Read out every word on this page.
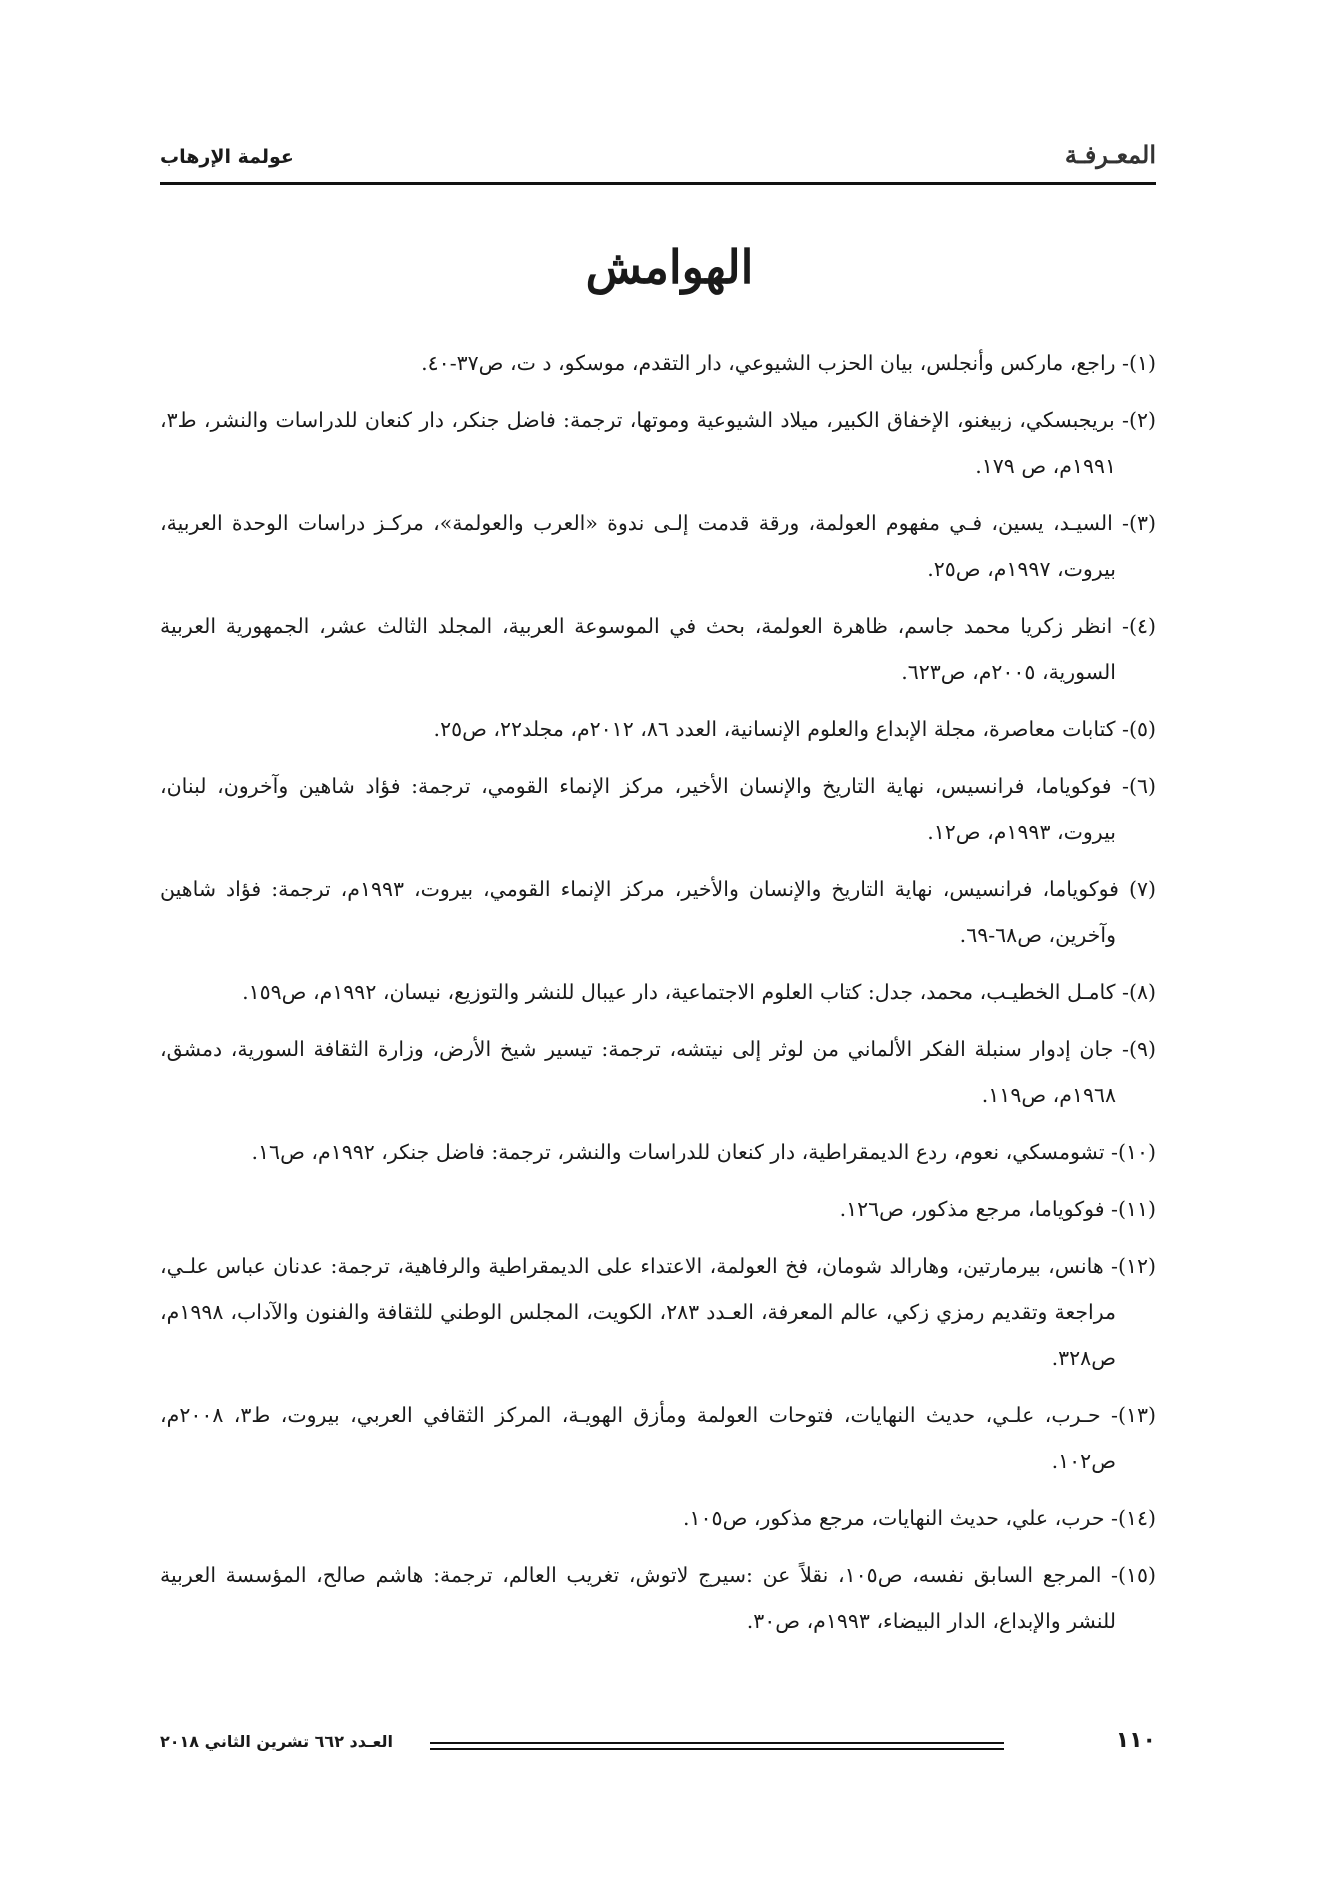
المعـرفـة
عولمة الإرهاب
الهوامش
(١)- راجع، ماركس وأنجلس، بيان الحزب الشيوعي، دار التقدم، موسكو، د ت، ص٣٧-٤٠.
(٢)- بريجبسكي، زبيغنو، الإخفاق الكبير، ميلاد الشيوعية وموتها، ترجمة: فاضل جنكر، دار كنعان للدراسات والنشر، ط٣، ١٩٩١م، ص ١٧٩.
(٣)- السيـد، يسين، فـي مفهوم العولمة، ورقة قدمت إلـى ندوة «العرب والعولمة»، مركـز دراسات الوحدة العربية، بيروت، ١٩٩٧م، ص٢٥.
(٤)- انظر زكريا محمد جاسم، ظاهرة العولمة، بحث في الموسوعة العربية، المجلد الثالث عشر، الجمهورية العربية السورية، ٢٠٠٥م، ص٦٢٣.
(٥)- كتابات معاصرة، مجلة الإبداع والعلوم الإنسانية، العدد ٨٦، ٢٠١٢م، مجلد٢٢، ص٢٥.
(٦)- فوكوياما، فرانسيس، نهاية التاريخ والإنسان الأخير، مركز الإنماء القومي، ترجمة: فؤاد شاهين وآخرون، لبنان، بيروت، ١٩٩٣م، ص١٢.
(٧) فوكوياما، فرانسيس، نهاية التاريخ والإنسان والأخير، مركز الإنماء القومي، بيروت، ١٩٩٣م، ترجمة: فؤاد شاهين وآخرين، ص٦٨-٦٩.
(٨)- كامـل الخطيـب، محمد، جدل: كتاب العلوم الاجتماعية، دار عيبال للنشر والتوزيع، نيسان، ١٩٩٢م، ص١٥٩.
(٩)- جان إدوار سنبلة الفكر الألماني من لوثر إلى نيتشه، ترجمة: تيسير شيخ الأرض، وزارة الثقافة السورية، دمشق، ١٩٦٨م، ص١١٩.
(١٠)- تشومسكي، نعوم، ردع الديمقراطية، دار كنعان للدراسات والنشر، ترجمة: فاضل جنكر، ١٩٩٢م، ص١٦.
(١١)- فوكوياما، مرجع مذكور، ص١٢٦.
(١٢)- هانس، بيرمارتين، وهارالد شومان، فخ العولمة، الاعتداء على الديمقراطية والرفاهية، ترجمة: عدنان عباس علـي، مراجعة وتقديم رمزي زكي، عالم المعرفة، العـدد ٢٨٣، الكويت، المجلس الوطني للثقافة والفنون والآداب، ١٩٩٨م، ص٣٢٨.
(١٣)- حـرب، علـي، حديث النهايات، فتوحات العولمة ومأزق الهويـة، المركز الثقافي العربي، بيروت، ط٣، ٢٠٠٨م، ص١٠٢.
(١٤)- حرب، علي، حديث النهايات، مرجع مذكور، ص١٠٥.
(١٥)- المرجع السابق نفسه، ص١٠٥، نقلاً عن :سيرج لاتوش، تغريب العالم، ترجمة: هاشم صالح، المؤسسة العربية للنشر والإبداع، الدار البيضاء، ١٩٩٣م، ص٣٠.
١١٠
العـدد ٦٦٢ تشرين الثاني ٢٠١٨
